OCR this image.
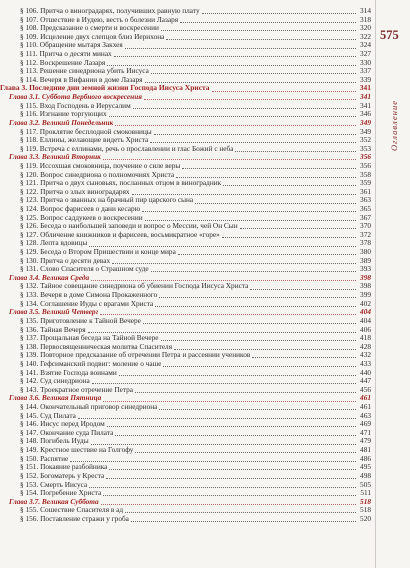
575
Оглавление
§ 106. Притча о виноградарях, получивших равную плату	314
§ 107. Отшествие в Иудею, весть о болезни Лазаря	318
§ 108. Предсказание о смерти и воскресении	320
§ 109. Исцеление двух слепцов близ Иерихона	322
§ 110. Обращение мытаря Закхея	324
§ 111. Притча о десяти минах	327
§ 112. Воскрешение Лазаря	330
§ 113. Решение синедриона убить Иисуса	337
§ 114. Вечеря в Вифании в доме Лазаря	339
Глава 3. Последние дни земной жизни Господа Иисуса Христа	341
Глава 3.1. Суббота Вербного воскресения	341
§ 115. Вход Господень в Иерусалим	341
§ 116. Изгнание торгующих	346
Глава 3.2. Великий Понедельник	349
§ 117. Проклятие бесплодной смоковницы	349
§ 118. Еллины, желающие видеть Христа	352
§ 119. Встреча с еллинами, речь о прославлении и глас Божий с неба	353
Глава 3.3. Великий Вторник	356
§ 119. Иссохшая смоковница, поучение о силе веры	356
§ 120. Вопрос синедриона о полномочиях Христа	358
§ 121. Притча о двух сыновьях, посланных отцом в виноградник	359
§ 122. Притча о злых виноградарях	361
§ 123. Притча о званных на брачный пир царского сына	363
§ 124. Вопрос фарисеев о дани кесарю	365
§ 125. Вопрос саддукеев о воскресении	367
§ 126. Беседа о наибольшей заповеди и вопрос о Мессии, чей Он Сын	370
§ 127. Обличение книжников и фарисеев, восьмикратное «горе»	372
§ 128. Лепта вдовицы	378
§ 129. Беседа о Втором Пришествии и конце мира	380
§ 130. Притча о десяти девах	389
§ 131. Слово Спасителя о Страшном суде	393
Глава 3.4. Великая Среда	398
§ 132. Тайное совещание синедриона об убиении Господа Иисуса Христа	398
§ 133. Вечеря в доме Симона Прокаженного	399
§ 134. Соглашение Иуды с врагами Христа	402
Глава 3.5. Великий Четверг	404
§ 135. Приготовление к Тайной Вечере	404
§ 136. Тайная Вечеря	406
§ 137. Прощальная беседа на Тайной Вечере	418
§ 138. Первосвященническая молитва Спасителя	428
§ 139. Повторное предсказание об отречении Петра и рассеянии учеников	432
§ 140. Гефсиманский подвиг: моление о чаше	433
§ 141. Взятие Господа воинами	440
§ 142. Суд синедриона	447
§ 143. Троекратное отречение Петра	456
Глава 3.6. Великая Пятница	461
§ 144. Окончательный приговор синедриона	461
§ 145. Суд Пилата	463
§ 146. Иисус перед Иродом	469
§ 147. Окончание суда Пилата	471
§ 148. Погибель Иуды	479
§ 149. Крестное шествие на Голгофу	481
§ 150. Распятие	486
§ 151. Покаяние разбойника	495
§ 152. Богоматерь у Креста	498
§ 153. Смерть Иисуса	505
§ 154. Погребение Христа	511
Глава 3.7. Великая Суббота	518
§ 155. Сошествие Спасителя в ад	518
§ 156. Поставление стражи у гроба	520
